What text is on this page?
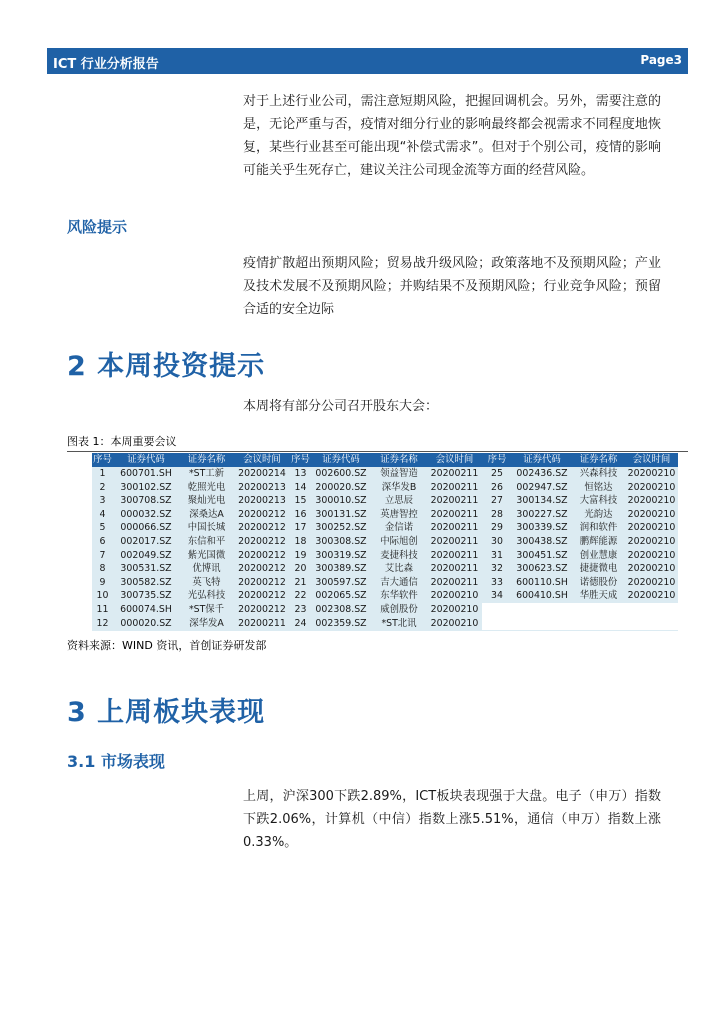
ICT 行业分析报告	Page3
对于上述行业公司，需注意短期风险，把握回调机会。另外，需要注意的是，无论严重与否，疫情对细分行业的影响最终都会视需求不同程度地恢复，某些行业甚至可能出现“补偿式需求”。但对于个别公司，疫情的影响可能关乎生死存亡，建议关注公司现金流等方面的经营风险。
风险提示
疫情扩散超出预期风险；贸易战升级风险；政策落地不及预期风险；产业及技术发展不及预期风险；并购结果不及预期风险；行业竞争风险；预留合适的安全边际
2 本周投资提示
本周将有部分公司召开股东大会：
图表 1：本周重要会议
序号	证券代码	证券名称	会议时间	序号	证券代码	证券名称	会议时间	序号	证券代码	证券名称	会议时间
1	600701.SH	*ST工新	20200214	13	002600.SZ	领益智造	20200211	25	002436.SZ	兴森科技	20200210
2	300102.SZ	乾照光电	20200213	14	200020.SZ	深华发B	20200211	26	002947.SZ	恒铭达	20200210
3	300708.SZ	聚灿光电	20200213	15	300010.SZ	立思辰	20200211	27	300134.SZ	大富科技	20200210
4	000032.SZ	深桑达A	20200212	16	300131.SZ	英唐智控	20200211	28	300227.SZ	光韵达	20200210
5	000066.SZ	中国长城	20200212	17	300252.SZ	金信诺	20200211	29	300339.SZ	润和软件	20200210
6	002017.SZ	东信和平	20200212	18	300308.SZ	中际旭创	20200211	30	300438.SZ	鹏辉能源	20200210
7	002049.SZ	紫光国微	20200212	19	300319.SZ	麦捷科技	20200211	31	300451.SZ	创业慧康	20200210
8	300531.SZ	优博讯	20200212	20	300389.SZ	艾比森	20200211	32	300623.SZ	捷捷微电	20200210
9	300582.SZ	英飞特	20200212	21	300597.SZ	吉大通信	20200211	33	600110.SH	诺德股份	20200210
10	300735.SZ	光弘科技	20200212	22	002065.SZ	东华软件	20200210	34	600410.SH	华胜天成	20200210
11	600074.SH	*ST保千	20200212	23	002308.SZ	威创股份	20200210				
12	000020.SZ	深华发A	20200211	24	002359.SZ	*ST北讯	20200210				
资料来源：WIND 资讯，首创证券研发部
3 上周板块表现
3.1 市场表现
上周，沪深300下跌2.89%，ICT板块表现强于大盘。电子（申万）指数下跌2.06%，计算机（中信）指数上涨5.51%，通信（申万）指数上涨0.33%。
